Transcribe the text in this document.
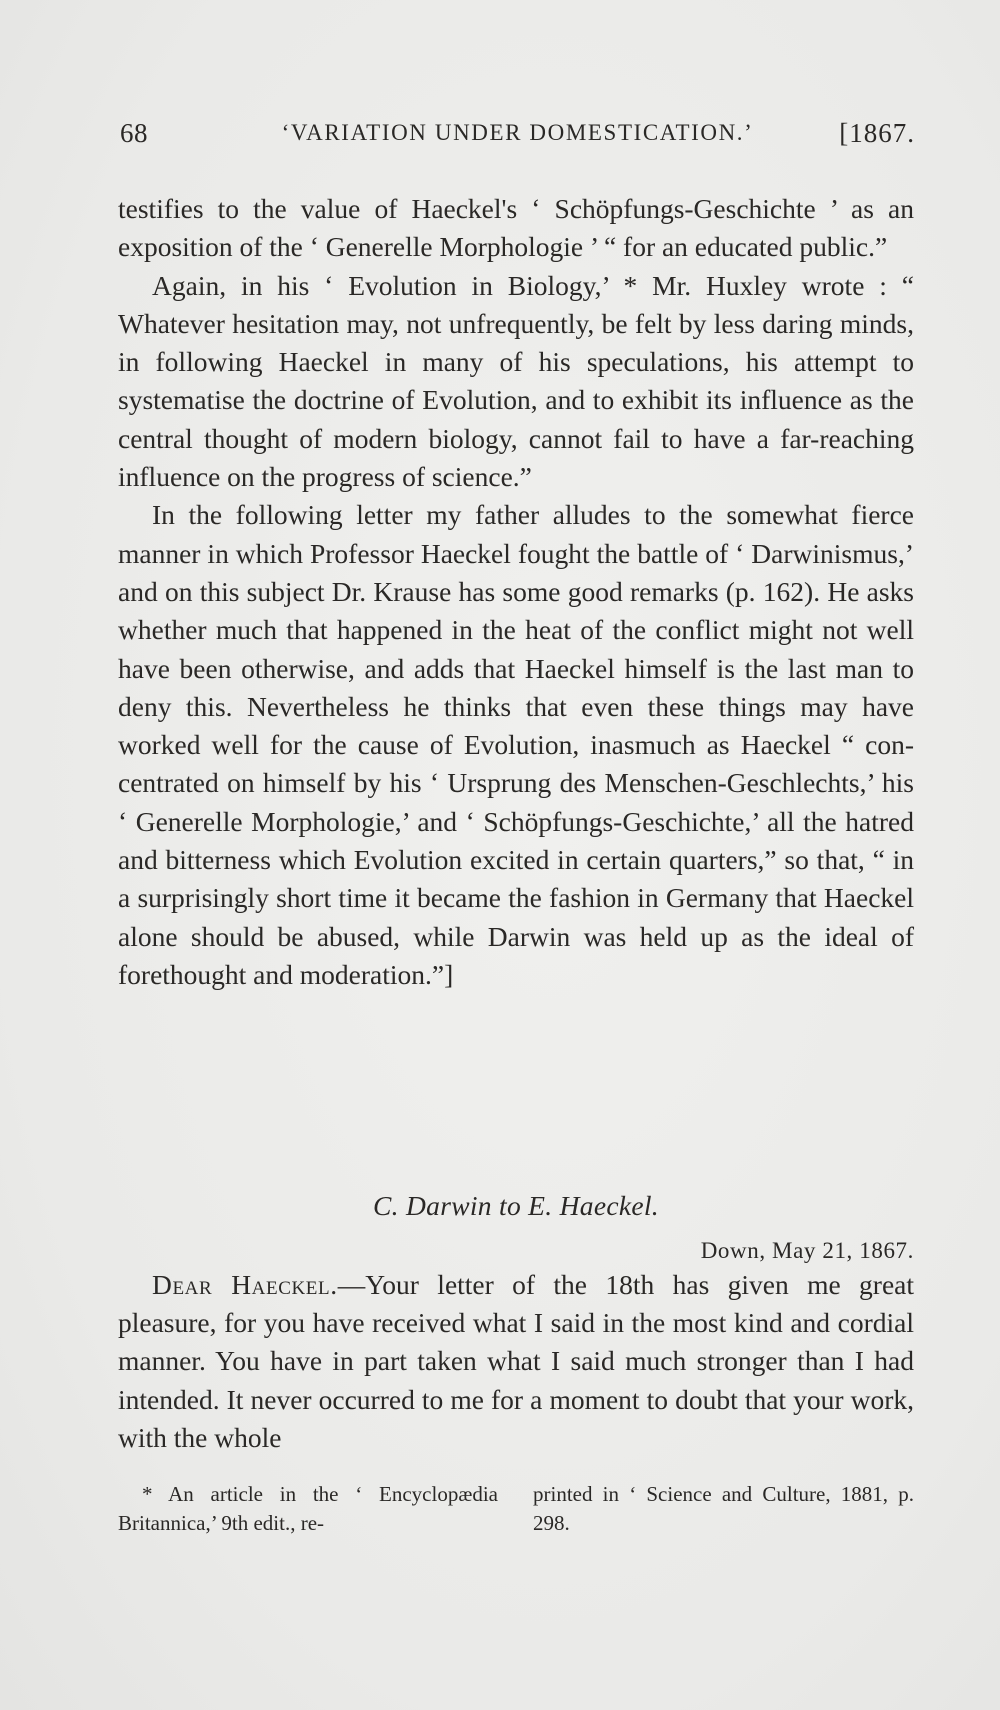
68	‘VARIATION UNDER DOMESTICATION.’	[1867.

testifies to the value of Haeckel's ‘ Schöpfungs-Geschichte ’ as an exposition of the ‘ Generelle Morphologie ’ “ for an educated public.”

Again, in his ‘ Evolution in Biology,’ * Mr. Huxley wrote : “ Whatever hesitation may, not unfrequently, be felt by less daring minds, in following Haeckel in many of his speculations, his attempt to systematise the doctrine of Evolution, and to exhibit its influence as the central thought of modern biology, cannot fail to have a far-reaching influence on the progress of science.”

In the following letter my father alludes to the somewhat fierce manner in which Professor Haeckel fought the battle of ‘ Darwinismus,’ and on this subject Dr. Krause has some good remarks (p. 162). He asks whether much that happened in the heat of the conflict might not well have been otherwise, and adds that Haeckel himself is the last man to deny this. Nevertheless he thinks that even these things may have worked well for the cause of Evolution, inasmuch as Haeckel “ concentrated on himself by his ‘ Ursprung des Menschen-Geschlechts,’ his ‘ Generelle Morphologie,’ and ‘ Schöpfungs-Geschichte,’ all the hatred and bitterness which Evolution excited in certain quarters,” so that, “ in a surprisingly short time it became the fashion in Germany that Haeckel alone should be abused, while Darwin was held up as the ideal of forethought and moderation.”]

C. Darwin to E. Haeckel.
Down, May 21, 1867.

Dear Haeckel.—Your letter of the 18th has given me great pleasure, for you have received what I said in the most kind and cordial manner. You have in part taken what I said much stronger than I had intended. It never occurred to me for a moment to doubt that your work, with the whole

* An article in the ‘ Encyclopædia Britannica,’ 9th edit., re-
printed in ‘ Science and Culture, 1881, p. 298.
